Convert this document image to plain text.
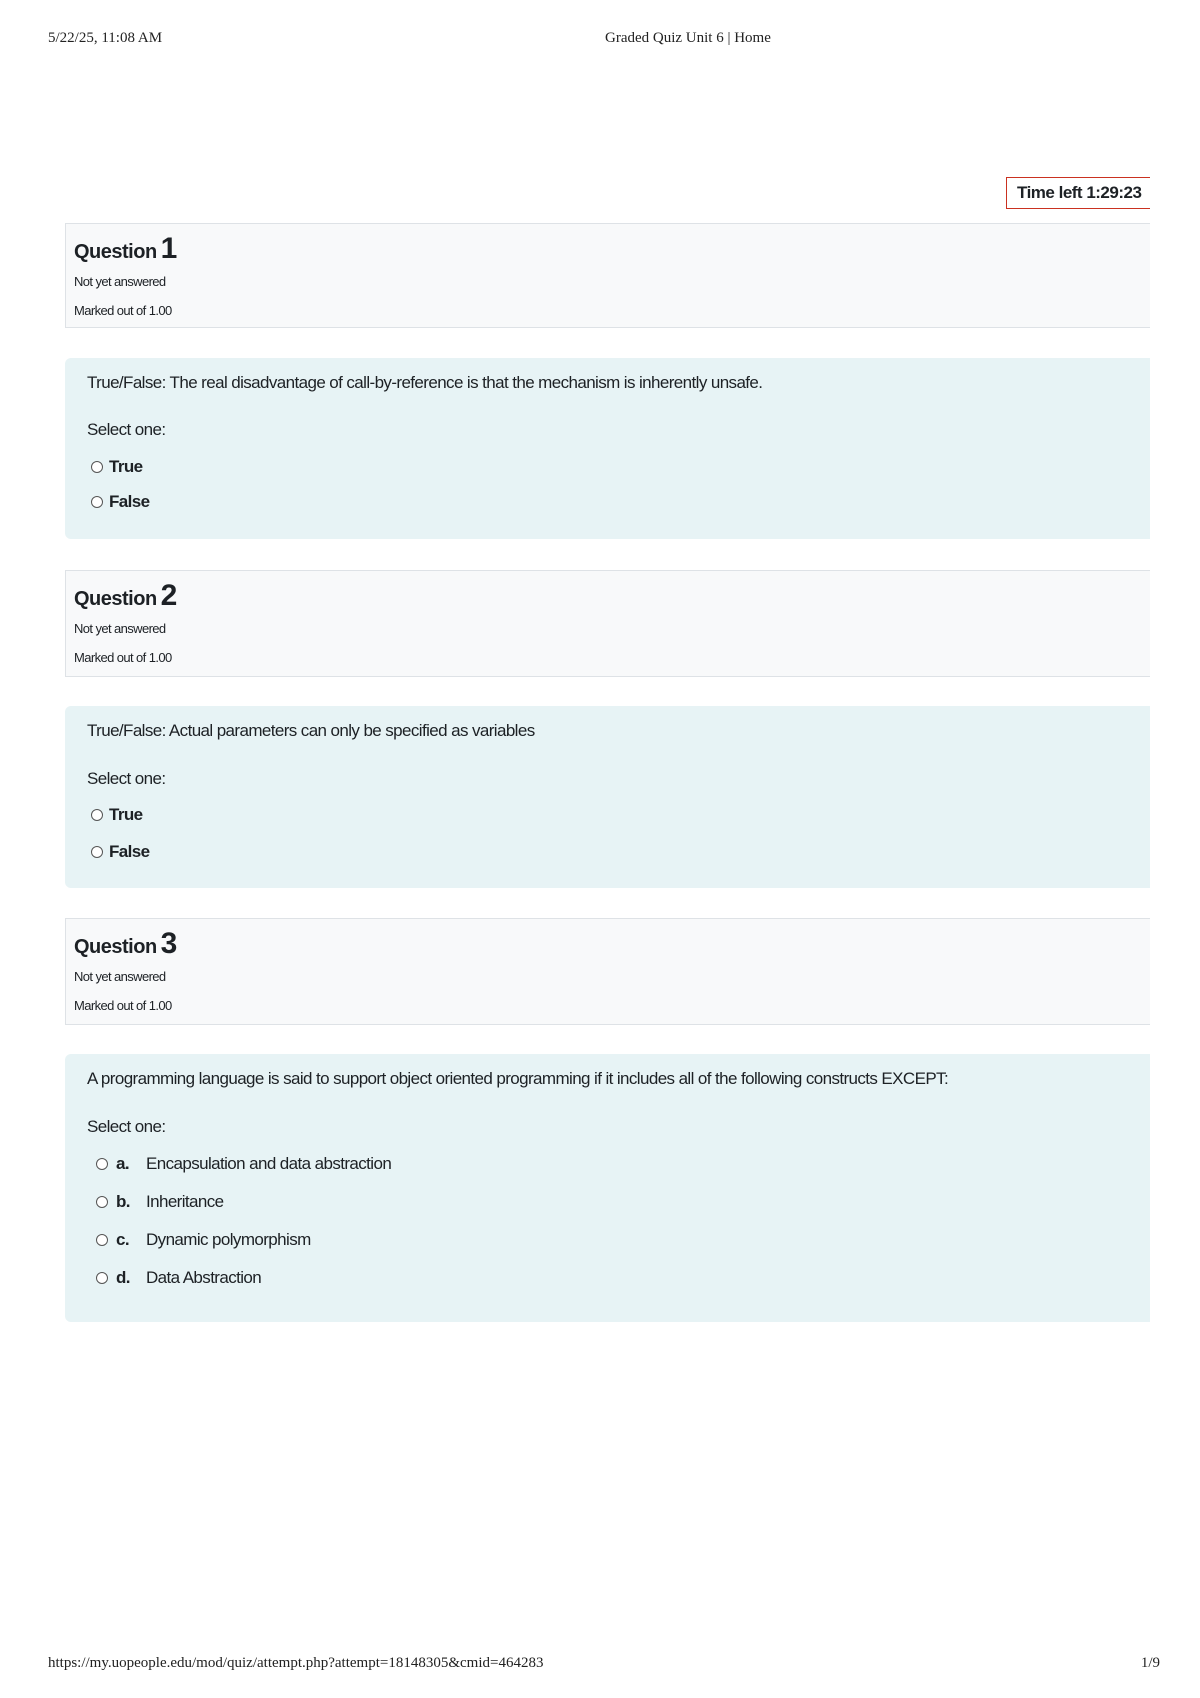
5/22/25, 11:08 AM	Graded Quiz Unit 6 | Home
Time left 1:29:23
Question 1
Not yet answered
Marked out of 1.00
True/False: The real disadvantage of call-by-reference is that the mechanism is inherently unsafe.
Select one:
True
False
Question 2
Not yet answered
Marked out of 1.00
True/False: Actual parameters can only be specified as variables
Select one:
True
False
Question 3
Not yet answered
Marked out of 1.00
A programming language is said to support object oriented programming if it includes all of the following constructs EXCEPT:
Select one:
a.	Encapsulation and data abstraction
b. Inheritance
c.	Dynamic polymorphism
d. Data Abstraction
https://my.uopeople.edu/mod/quiz/attempt.php?attempt=18148305&cmid=464283	1/9
